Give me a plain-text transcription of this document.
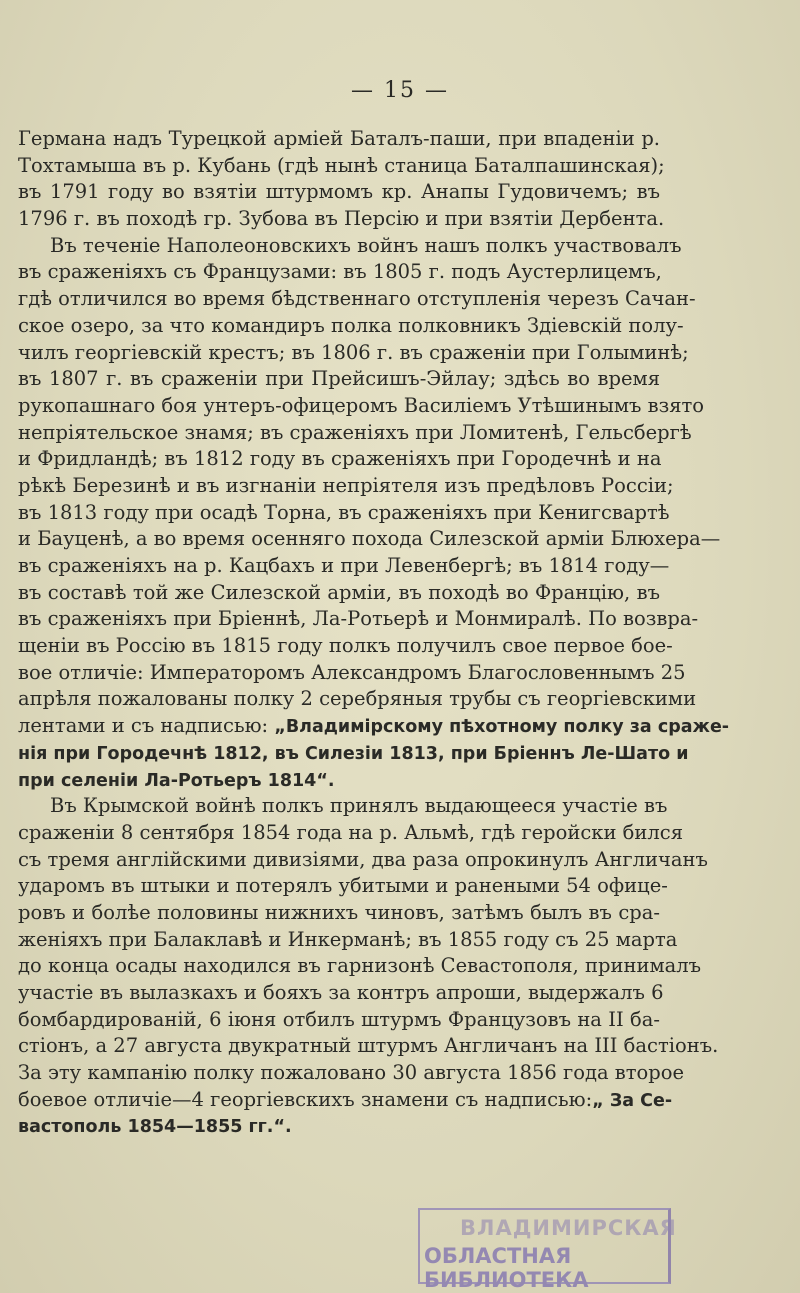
— 15 —
Германа надъ Турецкой арміей Баталъ-паши, при впаденіи р.
Тохтамыша въ р. Кубань (гдѣ нынѣ станица Баталпашинская);
въ 1791 году во взятіи штурмомъ кр. Анапы Гудовичемъ; въ
1796 г. въ походѣ гр. Зубова въ Персію и при взятіи Дербента.
Въ теченіе Наполеоновскихъ войнъ нашъ полкъ участвовалъ
въ сраженіяхъ съ Французами: въ 1805 г. подъ Аустерлицемъ,
гдѣ отличился во время бѣдственнаго отступленія черезъ Сачан-
ское озеро, за что командиръ полка полковникъ Здіевскій полу-
чилъ георгіевскій крестъ; въ 1806 г. въ сраженіи при Голыминѣ;
въ 1807 г. въ сраженіи при Прейсишъ-Эйлау; здѣсь во время
рукопашнаго боя унтеръ-офицеромъ Василіемъ Утѣшинымъ взято
непріятельское знамя; въ сраженіяхъ при Ломитенѣ, Гельсбергѣ
и Фридландѣ; въ 1812 году въ сраженіяхъ при Городечнѣ и на
рѣкѣ Березинѣ и въ изгнаніи непріятеля изъ предѣловъ Россіи;
въ 1813 году при осадѣ Торна, въ сраженіяхъ при Кенигсвартѣ
и Бауценѣ, а во время осенняго похода Силезской арміи Блюхера—
въ сраженіяхъ на р. Кацбахъ и при Левенбергѣ; въ 1814 году—
въ составѣ той же Силезской арміи, въ походѣ во Францію, въ
въ сраженіяхъ при Бріеннѣ, Ла-Ротьерѣ и Монмиралѣ. По возвра-
щеніи въ Россію въ 1815 году полкъ получилъ свое первое бое-
вое отличіе: Императоромъ Александромъ Благословеннымъ 25
апрѣля пожалованы полку 2 серебряныя трубы съ георгіевскими
лентами и съ надписью: „Владимірскому пѣхотному полку за сраже-
нія при Городечнѣ 1812, въ Силезіи 1813, при Бріеннъ Ле-Шато и
при селеніи Ла-Ротьеръ 1814“.
Въ Крымской войнѣ полкъ принялъ выдающееся участіе въ
сраженіи 8 сентября 1854 года на р. Альмѣ, гдѣ геройски бился
съ тремя англійскими дивизіями, два раза опрокинулъ Англичанъ
ударомъ въ штыки и потерялъ убитыми и ранеными 54 офице-
ровъ и болѣе половины нижнихъ чиновъ, затѣмъ былъ въ сра-
женіяхъ при Балаклавѣ и Инкерманѣ; въ 1855 году съ 25 марта
до конца осады находился въ гарнизонѣ Севастополя, принималъ
участіе въ вылазкахъ и бояхъ за контръ апроши, выдержалъ 6
бомбардированій, 6 іюня отбилъ штурмъ Французовъ на II ба-
стіонъ, а 27 августа двукратный штурмъ Англичанъ на III бастіонъ.
За эту кампанію полку пожаловано 30 августа 1856 года второе
боевое отличіе—4 георгіевскихъ знамени съ надписью:„ За Се-
вастополь 1854—1855 гг.“.
ВЛАДИМИРСКАЯ
ОБЛАСТНАЯ БИБЛИОТЕКА
